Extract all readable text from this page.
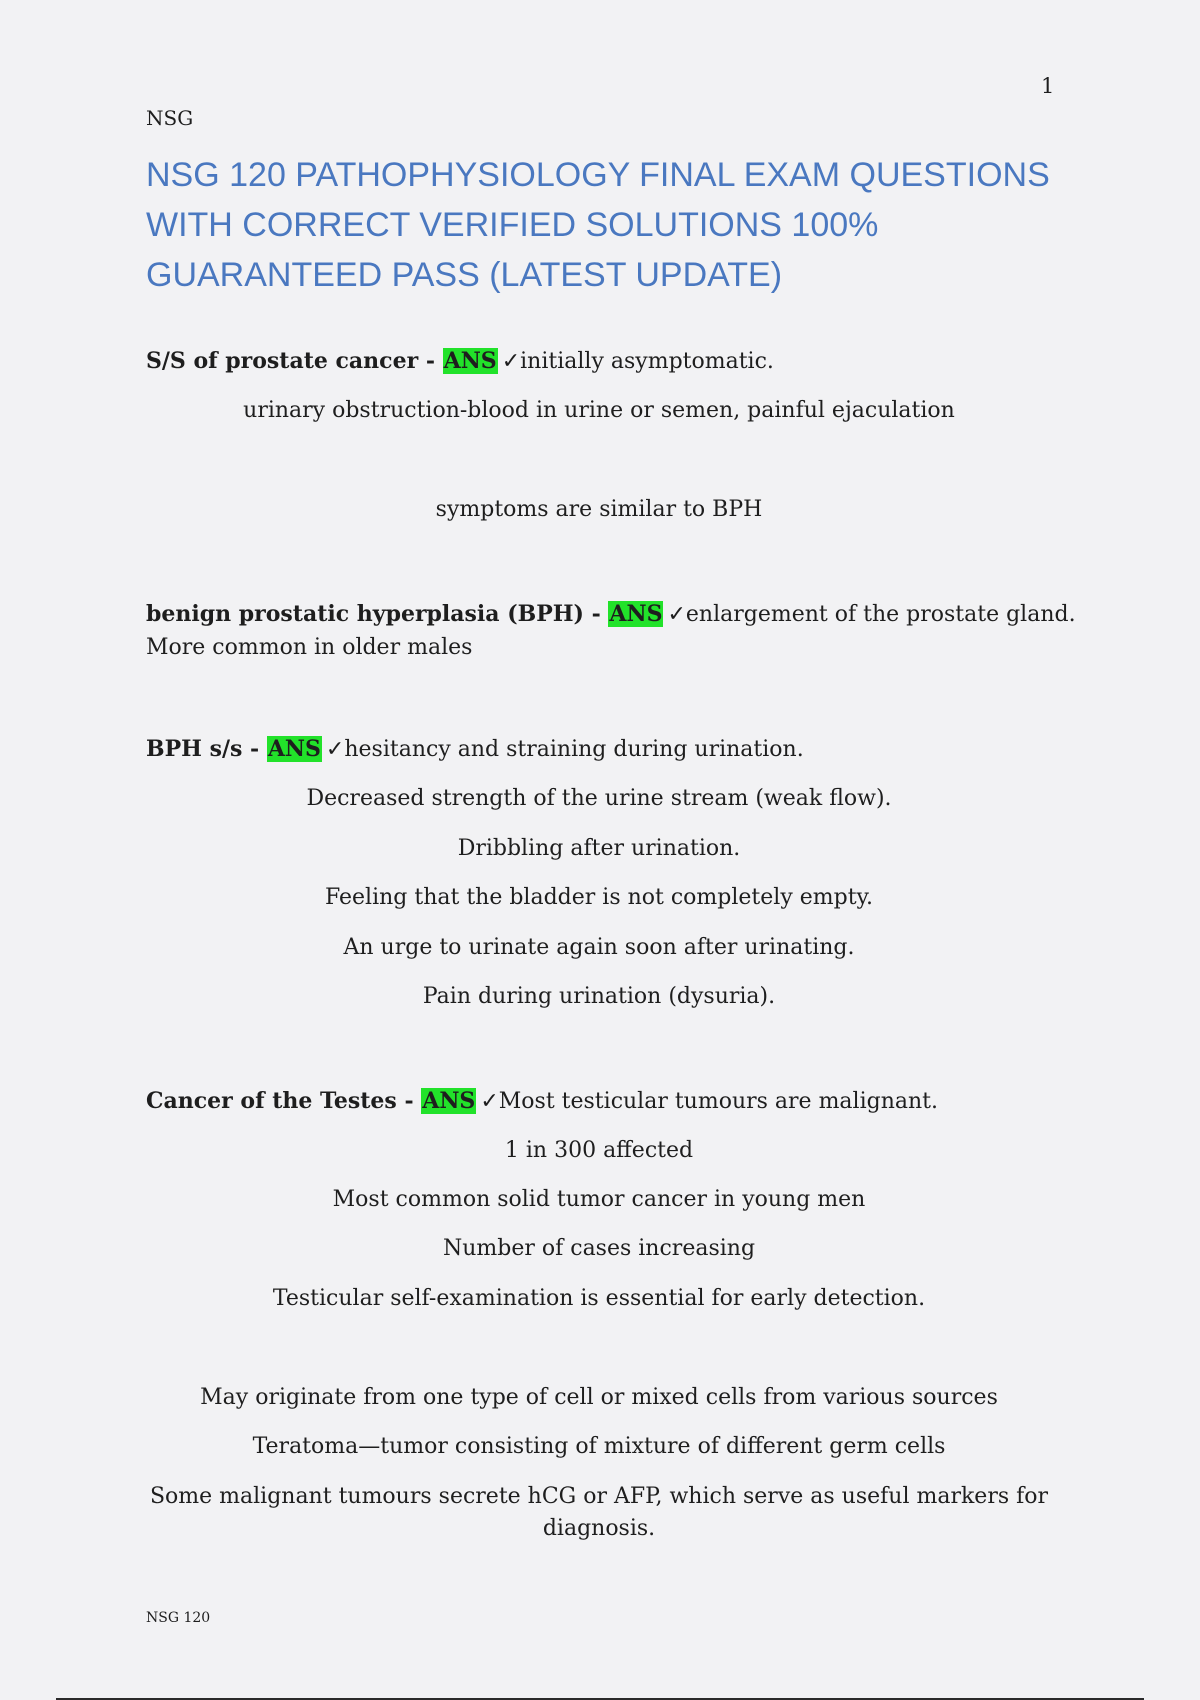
1
NSG
NSG 120 PATHOPHYSIOLOGY FINAL EXAM QUESTIONS
WITH CORRECT VERIFIED SOLUTIONS 100%
GUARANTEED PASS (LATEST UPDATE)
S/S of prostate cancer - ANS ✓initially asymptomatic.
urinary obstruction-blood in urine or semen, painful ejaculation
symptoms are similar to BPH
benign prostatic hyperplasia (BPH) - ANS ✓enlargement of the prostate gland.
More common in older males
BPH s/s - ANS ✓hesitancy and straining during urination.
Decreased strength of the urine stream (weak flow).
Dribbling after urination.
Feeling that the bladder is not completely empty.
An urge to urinate again soon after urinating.
Pain during urination (dysuria).
Cancer of the Testes - ANS ✓Most testicular tumours are malignant.
1 in 300 affected
Most common solid tumor cancer in young men
Number of cases increasing
Testicular self-examination is essential for early detection.
May originate from one type of cell or mixed cells from various sources
Teratoma—tumor consisting of mixture of different germ cells
Some malignant tumours secrete hCG or AFP, which serve as useful markers for
diagnosis.
NSG 120
